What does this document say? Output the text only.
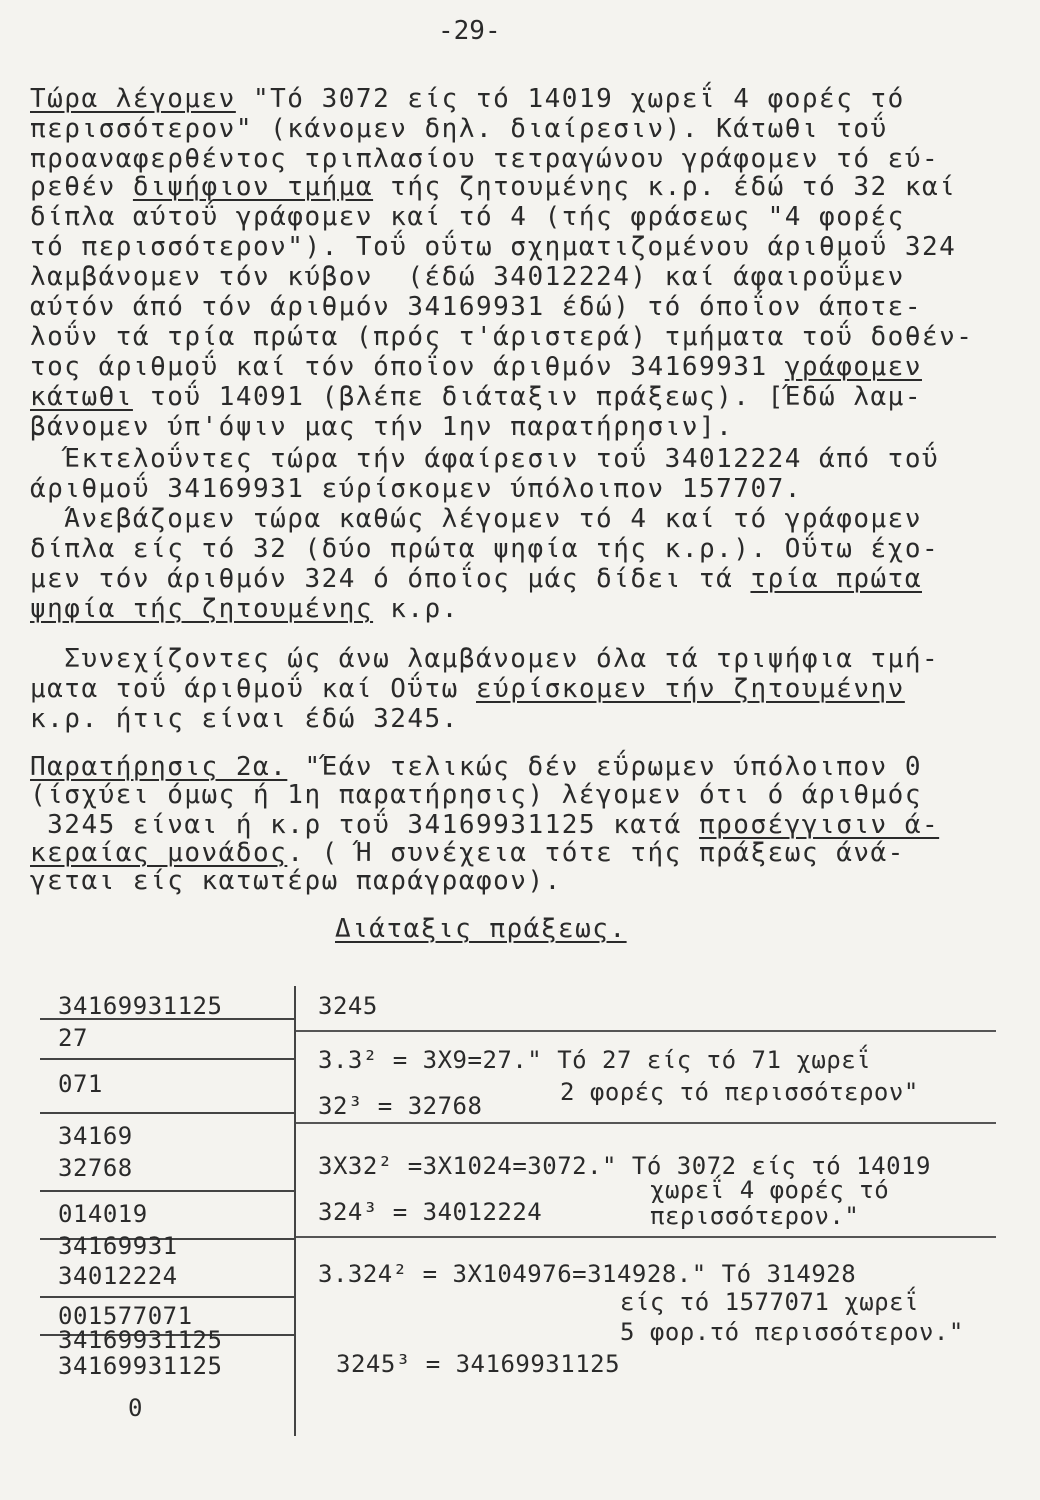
-29-
Τώρα λέγομεν "Τό 3072 είς τό 14019 χωρεΐ 4 φορές τό
περισσότερον" (κάνομεν δηλ. διαίρεσιν). Κάτωθι τοΰ
προαναφερθέντος τριπλασίου τετραγώνου γράφομεν τό εύ-
ρεθέν διψήφιον τμήμα τής ζητουμένης κ.ρ. έδώ τό 32 καί
δίπλα αύτοΰ γράφομεν καί τό 4 (τής φράσεως "4 φορές
τό περισσότερον"). Τοΰ οΰτω σχηματιζομένου άριθμοΰ 324
λαμβάνομεν τόν κύβον  (έδώ 34012224) καί άφαιροΰμεν
αύτόν άπό τόν άριθμόν 34169931 έδώ) τό όποΐον άποτε-
λοΰν τά τρία πρώτα (πρός τ'άριστερά) τμήματα τοΰ δοθέν-
τος άριθμοΰ καί τόν όποΐον άριθμόν 34169931 γράφομεν
κάτωθι τοΰ 14091 (βλέπε διάταξιν πράξεως). [Έδώ λαμ-
βάνομεν ύπ'όψιν μας τήν 1ην παρατήρησιν].
Έκτελοΰντες τώρα τήν άφαίρεσιν τοΰ 34012224 άπό τοΰ
άριθμοΰ 34169931 εύρίσκομεν ύπόλοιπον 157707.
Άνεβάζομεν τώρα καθώς λέγομεν τό 4 καί τό γράφομεν
δίπλα είς τό 32 (δύο πρώτα ψηφία τής κ.ρ.). Οΰτω έχο-
μεν τόν άριθμόν 324 ό όποΐος μάς δίδει τά τρία πρώτα
ψηφία τής ζητουμένης κ.ρ.
Συνεχίζοντες ώς άνω λαμβάνομεν όλα τά τριψήφια τμή-
ματα τοΰ άριθμοΰ καί Οΰτω εύρίσκομεν τήν ζητουμένην
κ.ρ. ήτις είναι έδώ 3245.
Παρατήρησις 2α. "Έάν τελικώς δέν εΰρωμεν ύπόλοιπον 0
(ίσχύει όμως ή 1η παρατήρησις) λέγομεν ότι ό άριθμός
3245 είναι ή κ.ρ τοΰ 34169931125 κατά προσέγγισιν ά-
κεραίας μονάδος. ( Ή συνέχεια τότε τής πράξεως άνά-
γεται είς κατωτέρω παράγραφον).
Διάταξις πράξεως.
34169931125
27
071
34169
32768
014019
34169931
34012224
001577071
34169931125
34169931125
0
3245
3.3² = 3Χ9=27." Τό 27 είς τό 71 χωρεΐ
2 φορές τό περισσότερον"
32³ = 32768
3Χ32² =3Χ1024=3072." Τό 3072 είς τό 14019
χωρεΐ 4 φορές τό
περισσότερον."
324³ = 34012224
3.324² = 3Χ104976=314928." Τό 314928
είς τό 1577071 χωρεΐ
5 φορ.τό περισσότερον."
3245³ = 34169931125
